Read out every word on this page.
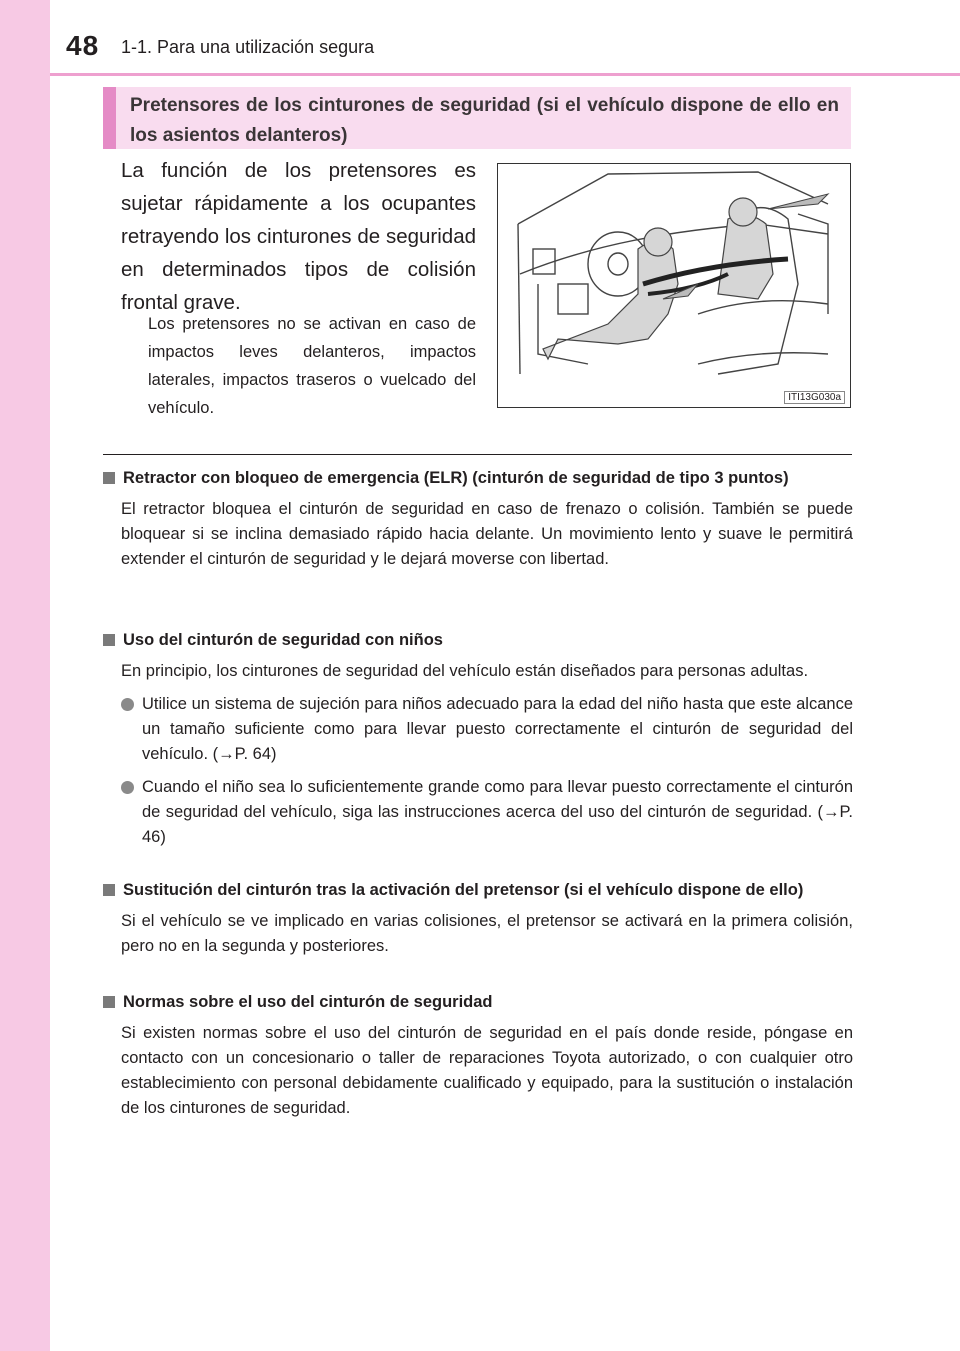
48 1-1. Para una utilización segura
Pretensores de los cinturones de seguridad (si el vehículo dispone de ello en los asientos delanteros)
La función de los pretensores es sujetar rápidamente a los ocupantes retrayendo los cinturones de seguridad en determinados tipos de colisión frontal grave.
Los pretensores no se activan en caso de impactos leves delanteros, impactos laterales, impactos traseros o vuelcado del vehículo.
ITI13G030a
Retractor con bloqueo de emergencia (ELR) (cinturón de seguridad de tipo 3 puntos)
El retractor bloquea el cinturón de seguridad en caso de frenazo o colisión. También se puede bloquear si se inclina demasiado rápido hacia delante. Un movimiento lento y suave le permitirá extender el cinturón de seguridad y le dejará moverse con libertad.
Uso del cinturón de seguridad con niños
En principio, los cinturones de seguridad del vehículo están diseñados para personas adultas.
Utilice un sistema de sujeción para niños adecuado para la edad del niño hasta que este alcance un tamaño suficiente como para llevar puesto correctamente el cinturón de seguridad del vehículo. (→P. 64)
Cuando el niño sea lo suficientemente grande como para llevar puesto correctamente el cinturón de seguridad del vehículo, siga las instrucciones acerca del uso del cinturón de seguridad. (→P. 46)
Sustitución del cinturón tras la activación del pretensor (si el vehículo dispone de ello)
Si el vehículo se ve implicado en varias colisiones, el pretensor se activará en la primera colisión, pero no en la segunda y posteriores.
Normas sobre el uso del cinturón de seguridad
Si existen normas sobre el uso del cinturón de seguridad en el país donde reside, póngase en contacto con un concesionario o taller de reparaciones Toyota autorizado, o con cualquier otro establecimiento con personal debidamente cualificado y equipado, para la sustitución o instalación de los cinturones de seguridad.
